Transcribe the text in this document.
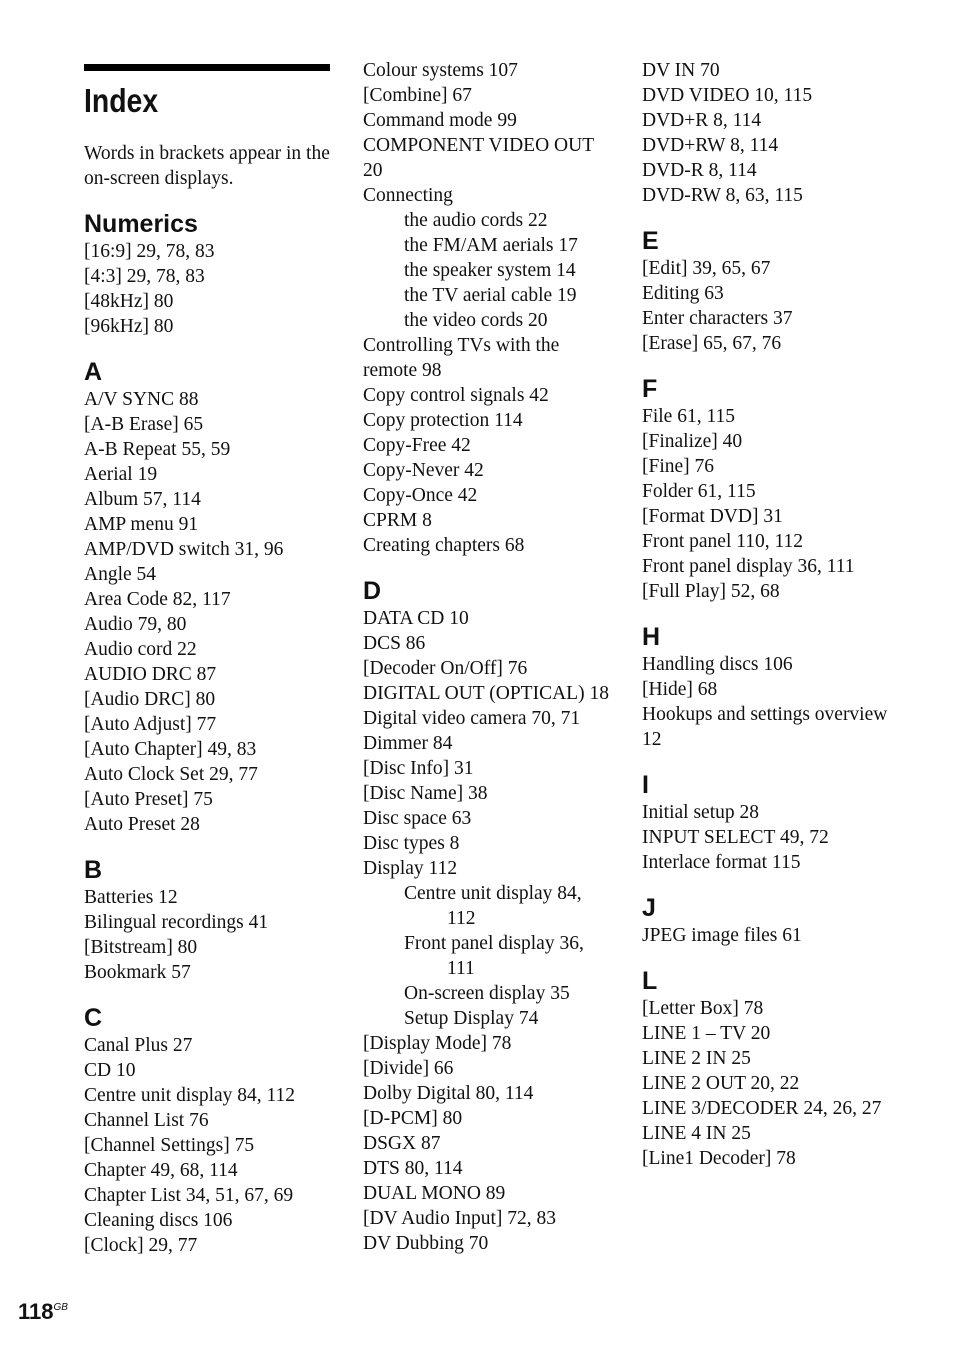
Index
Words in brackets appear in the on-screen displays.
Numerics
[16:9] 29, 78, 83
[4:3] 29, 78, 83
[48kHz] 80
[96kHz] 80
A
A/V SYNC 88
[A-B Erase] 65
A-B Repeat 55, 59
Aerial 19
Album 57, 114
AMP menu 91
AMP/DVD switch 31, 96
Angle 54
Area Code 82, 117
Audio 79, 80
Audio cord 22
AUDIO DRC 87
[Audio DRC] 80
[Auto Adjust] 77
[Auto Chapter] 49, 83
Auto Clock Set 29, 77
[Auto Preset] 75
Auto Preset 28
B
Batteries 12
Bilingual recordings 41
[Bitstream] 80
Bookmark 57
C
Canal Plus 27
CD 10
Centre unit display 84, 112
Channel List 76
[Channel Settings] 75
Chapter 49, 68, 114
Chapter List 34, 51, 67, 69
Cleaning discs 106
[Clock] 29, 77
Colour systems 107
[Combine] 67
Command mode 99
COMPONENT VIDEO OUT 20
Connecting
the audio cords 22
the FM/AM aerials 17
the speaker system 14
the TV aerial cable 19
the video cords 20
Controlling TVs with the remote 98
Copy control signals 42
Copy protection 114
Copy-Free 42
Copy-Never 42
Copy-Once 42
CPRM 8
Creating chapters 68
D
DATA CD 10
DCS 86
[Decoder On/Off] 76
DIGITAL OUT (OPTICAL) 18
Digital video camera 70, 71
Dimmer 84
[Disc Info] 31
[Disc Name] 38
Disc space 63
Disc types 8
Display 112
Centre unit display 84,
112
Front panel display 36,
111
On-screen display 35
Setup Display 74
[Display Mode] 78
[Divide] 66
Dolby Digital 80, 114
[D-PCM] 80
DSGX 87
DTS 80, 114
DUAL MONO 89
[DV Audio Input] 72, 83
DV Dubbing 70
DV IN 70
DVD VIDEO 10, 115
DVD+R 8, 114
DVD+RW 8, 114
DVD-R 8, 114
DVD-RW 8, 63, 115
E
[Edit] 39, 65, 67
Editing 63
Enter characters 37
[Erase] 65, 67, 76
F
File 61, 115
[Finalize] 40
[Fine] 76
Folder 61, 115
[Format DVD] 31
Front panel 110, 112
Front panel display 36, 111
[Full Play] 52, 68
H
Handling discs 106
[Hide] 68
Hookups and settings overview 12
I
Initial setup 28
INPUT SELECT 49, 72
Interlace format 115
J
JPEG image files 61
L
[Letter Box] 78
LINE 1 – TV 20
LINE 2 IN 25
LINE 2 OUT 20, 22
LINE 3/DECODER 24, 26, 27
LINE 4 IN 25
[Line1 Decoder] 78
$118^{GB}$
